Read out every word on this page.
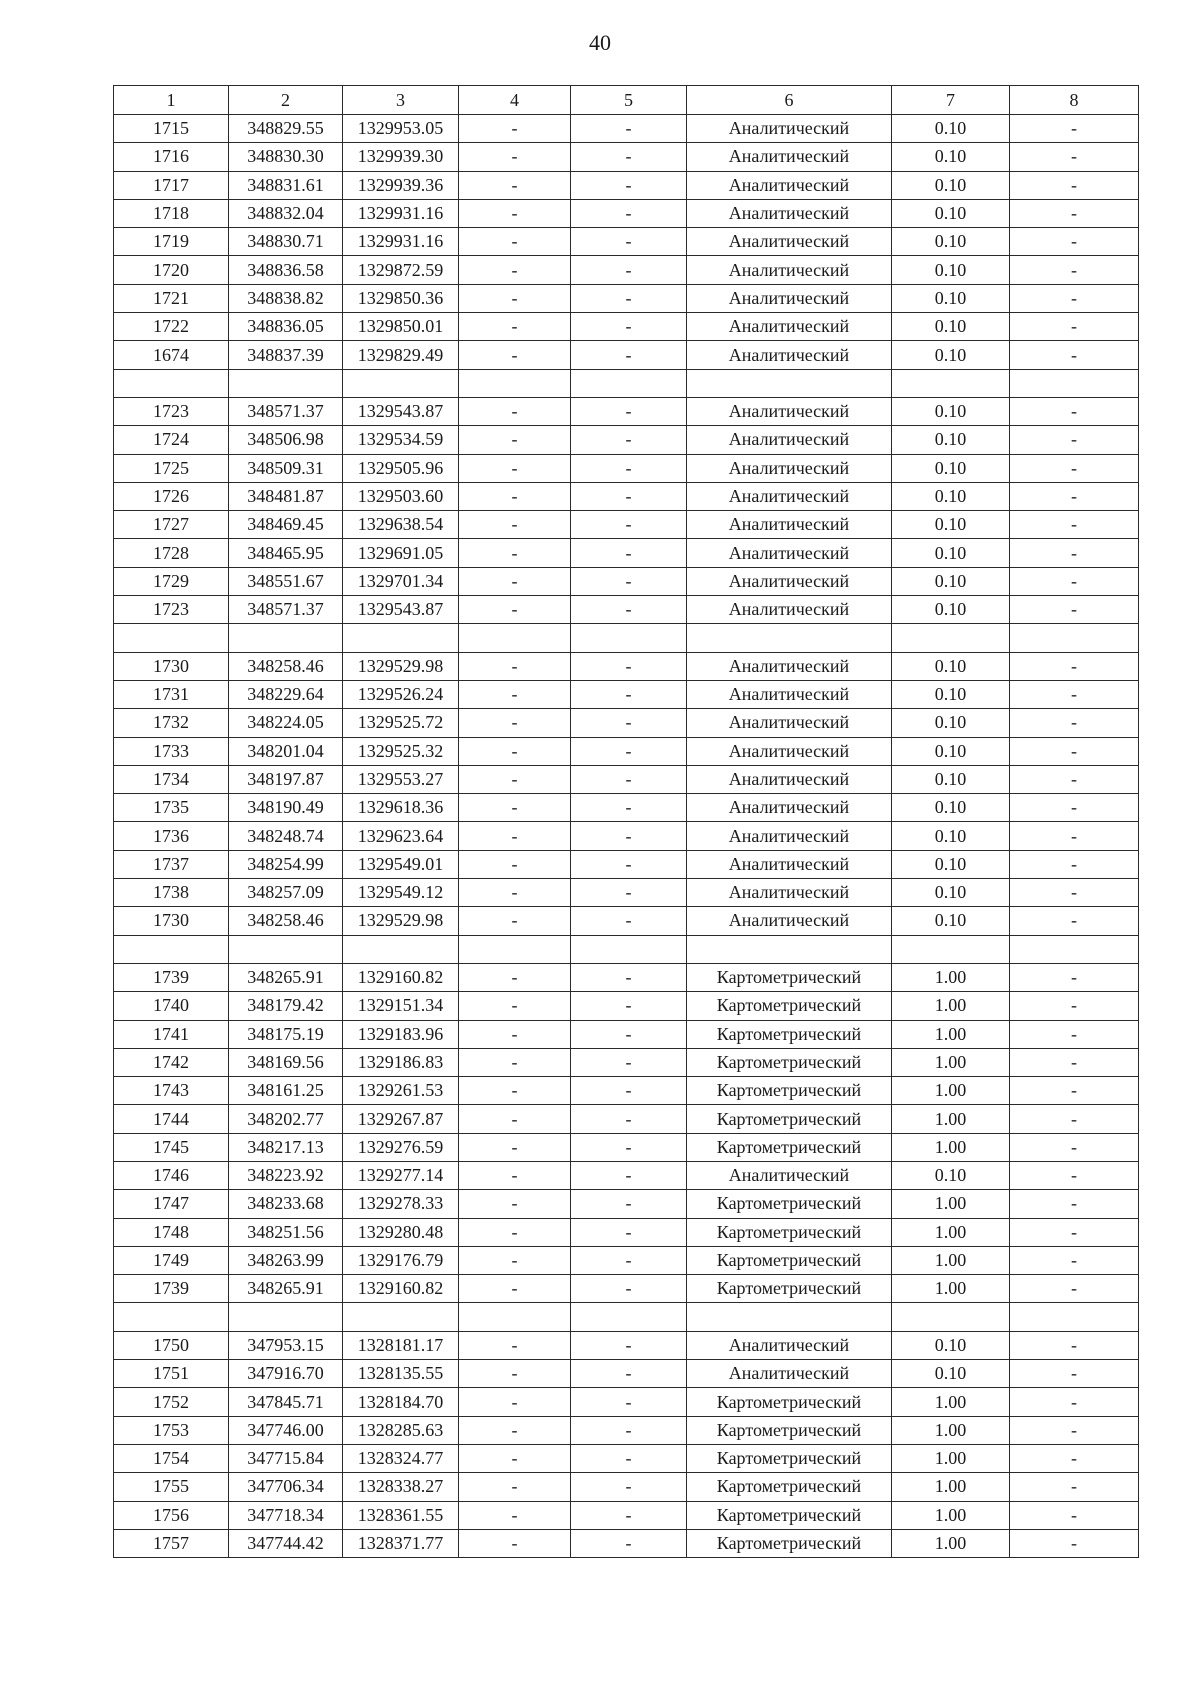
40
1	2	3	4	5	6	7	8
1715	348829.55	1329953.05	-	-	Аналитический	0.10	-
1716	348830.30	1329939.30	-	-	Аналитический	0.10	-
1717	348831.61	1329939.36	-	-	Аналитический	0.10	-
1718	348832.04	1329931.16	-	-	Аналитический	0.10	-
1719	348830.71	1329931.16	-	-	Аналитический	0.10	-
1720	348836.58	1329872.59	-	-	Аналитический	0.10	-
1721	348838.82	1329850.36	-	-	Аналитический	0.10	-
1722	348836.05	1329850.01	-	-	Аналитический	0.10	-
1674	348837.39	1329829.49	-	-	Аналитический	0.10	-

1723	348571.37	1329543.87	-	-	Аналитический	0.10	-
1724	348506.98	1329534.59	-	-	Аналитический	0.10	-
1725	348509.31	1329505.96	-	-	Аналитический	0.10	-
1726	348481.87	1329503.60	-	-	Аналитический	0.10	-
1727	348469.45	1329638.54	-	-	Аналитический	0.10	-
1728	348465.95	1329691.05	-	-	Аналитический	0.10	-
1729	348551.67	1329701.34	-	-	Аналитический	0.10	-
1723	348571.37	1329543.87	-	-	Аналитический	0.10	-

1730	348258.46	1329529.98	-	-	Аналитический	0.10	-
1731	348229.64	1329526.24	-	-	Аналитический	0.10	-
1732	348224.05	1329525.72	-	-	Аналитический	0.10	-
1733	348201.04	1329525.32	-	-	Аналитический	0.10	-
1734	348197.87	1329553.27	-	-	Аналитический	0.10	-
1735	348190.49	1329618.36	-	-	Аналитический	0.10	-
1736	348248.74	1329623.64	-	-	Аналитический	0.10	-
1737	348254.99	1329549.01	-	-	Аналитический	0.10	-
1738	348257.09	1329549.12	-	-	Аналитический	0.10	-
1730	348258.46	1329529.98	-	-	Аналитический	0.10	-

1739	348265.91	1329160.82	-	-	Картометрический	1.00	-
1740	348179.42	1329151.34	-	-	Картометрический	1.00	-
1741	348175.19	1329183.96	-	-	Картометрический	1.00	-
1742	348169.56	1329186.83	-	-	Картометрический	1.00	-
1743	348161.25	1329261.53	-	-	Картометрический	1.00	-
1744	348202.77	1329267.87	-	-	Картометрический	1.00	-
1745	348217.13	1329276.59	-	-	Картометрический	1.00	-
1746	348223.92	1329277.14	-	-	Аналитический	0.10	-
1747	348233.68	1329278.33	-	-	Картометрический	1.00	-
1748	348251.56	1329280.48	-	-	Картометрический	1.00	-
1749	348263.99	1329176.79	-	-	Картометрический	1.00	-
1739	348265.91	1329160.82	-	-	Картометрический	1.00	-

1750	347953.15	1328181.17	-	-	Аналитический	0.10	-
1751	347916.70	1328135.55	-	-	Аналитический	0.10	-
1752	347845.71	1328184.70	-	-	Картометрический	1.00	-
1753	347746.00	1328285.63	-	-	Картометрический	1.00	-
1754	347715.84	1328324.77	-	-	Картометрический	1.00	-
1755	347706.34	1328338.27	-	-	Картометрический	1.00	-
1756	347718.34	1328361.55	-	-	Картометрический	1.00	-
1757	347744.42	1328371.77	-	-	Картометрический	1.00	-
